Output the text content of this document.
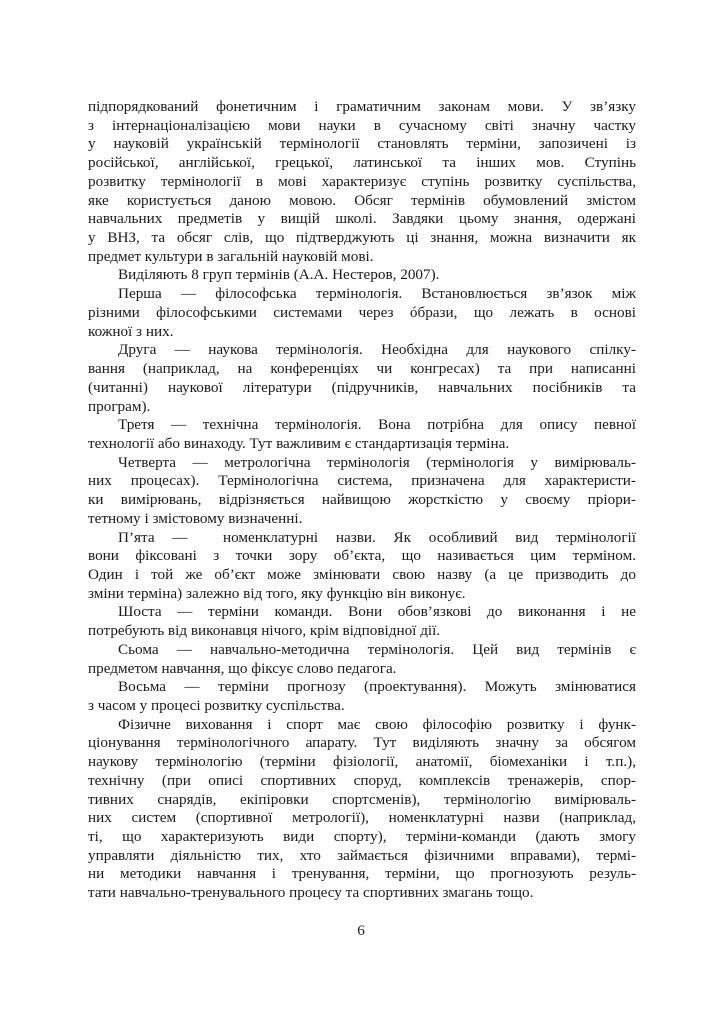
підпорядкований фонетичним і граматичним законам мови. У зв’язку
з інтернаціоналізацією мови науки в сучасному світі значну частку
у науковій українській термінології становлять терміни, запозичені із
російської, англійської, грецької, латинської та інших мов. Ступінь
розвитку термінології в мові характеризує ступінь розвитку суспільства,
яке користується даною мовою. Обсяг термінів обумовлений змістом
навчальних предметів у вищій школі. Завдяки цьому знання, одержані
у ВНЗ, та обсяг слів, що підтверджують ці знання, можна визначити як
предмет культури в загальній науковій мові.
Виділяють 8 груп термінів (А.А. Нестеров, 2007).
Перша — філософська термінологія. Встановлюється зв’язок між
різними філософськими системами через óбрази, що лежать в основі
кожної з них.
Друга — наукова термінологія. Необхідна для наукового спілку-
вання (наприклад, на конференціях чи конгресах) та при написанні
(читанні) наукової літератури (підручників, навчальних посібників та
програм).
Третя — технічна термінологія. Вона потрібна для опису певної
технології або винаходу. Тут важливим є стандартизація терміна.
Четверта — метрологічна термінологія (термінологія у вимірюваль-
них процесах). Термінологічна система, призначена для характеристи-
ки вимірювань, відрізняється найвищою жорсткістю у своєму пріори-
тетному і змістовому визначенні.
П’ята —  номенклатурні назви. Як особливий вид термінології
вони фіксовані з точки зору об’єкта, що називається цим терміном.
Один і той же об’єкт може змінювати свою назву (а це призводить до
зміни терміна) залежно від того, яку функцію він виконує.
Шоста — терміни команди. Вони обов’язкові до виконання і не
потребують від виконавця нічого, крім відповідної дії.
Сьома — навчально-методична термінологія. Цей вид термінів є
предметом навчання, що фіксує слово педагога.
Восьма — терміни прогнозу (проектування). Можуть змінюватися
з часом у процесі розвитку суспільства.
Фізичне виховання і спорт має свою філософію розвитку і функ-
ціонування термінологічного апарату. Тут виділяють значну за обсягом
наукову термінологію (терміни фізіології, анатомії, біомеханіки і т.п.),
технічну (при описі спортивних споруд, комплексів тренажерів, спор-
тивних снарядів, екіпіровки спортсменів), термінологію вимірюваль-
них систем (спортивної метрології), номенклатурні назви (наприклад,
ті, що характеризують види спорту), терміни-команди (дають змогу
управляти діяльністю тих, хто займається фізичними вправами), термі-
ни методики навчання і тренування, терміни, що прогнозують резуль-
тати навчально-тренувального процесу та спортивних змагань тощо.
6
